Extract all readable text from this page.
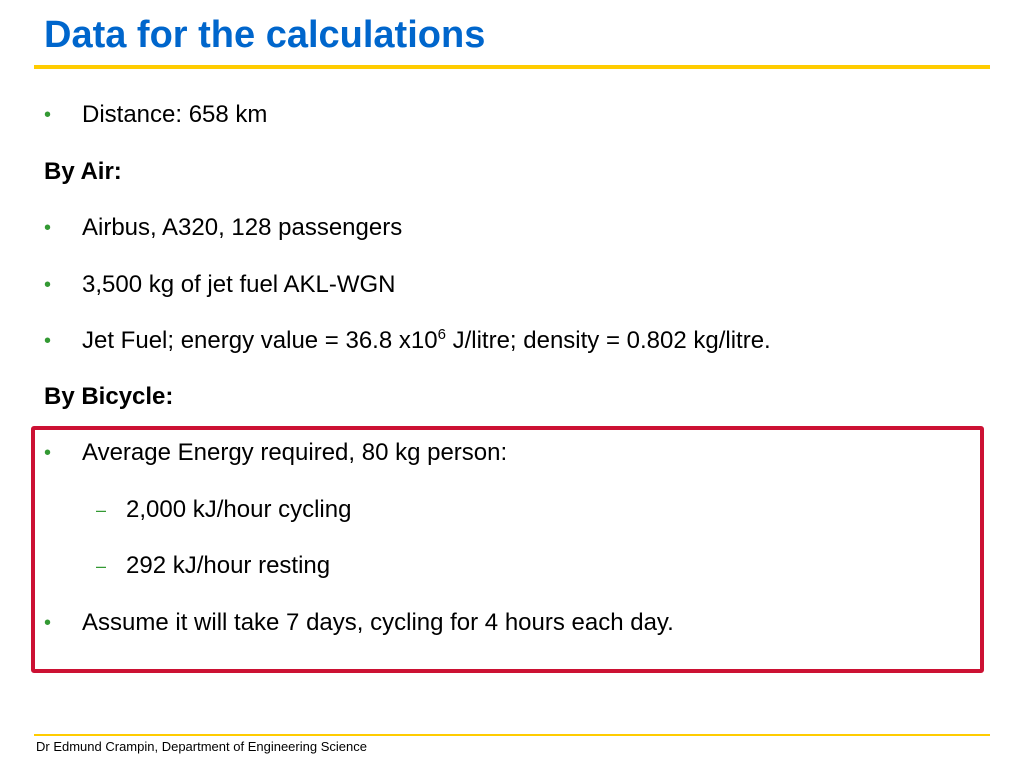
Data for the calculations
• Distance: 658 km
By Air:
• Airbus, A320, 128 passengers
• 3,500 kg of jet fuel AKL-WGN
• Jet Fuel; energy value = 36.8 $x10^6$ J/litre; density = 0.802 kg/litre.
By Bicycle:
• Average Energy required, 80 kg person:
– 2,000 kJ/hour cycling
– 292 kJ/hour resting
• Assume it will take 7 days, cycling for 4 hours each day.
Dr Edmund Crampin, Department of Engineering Science
